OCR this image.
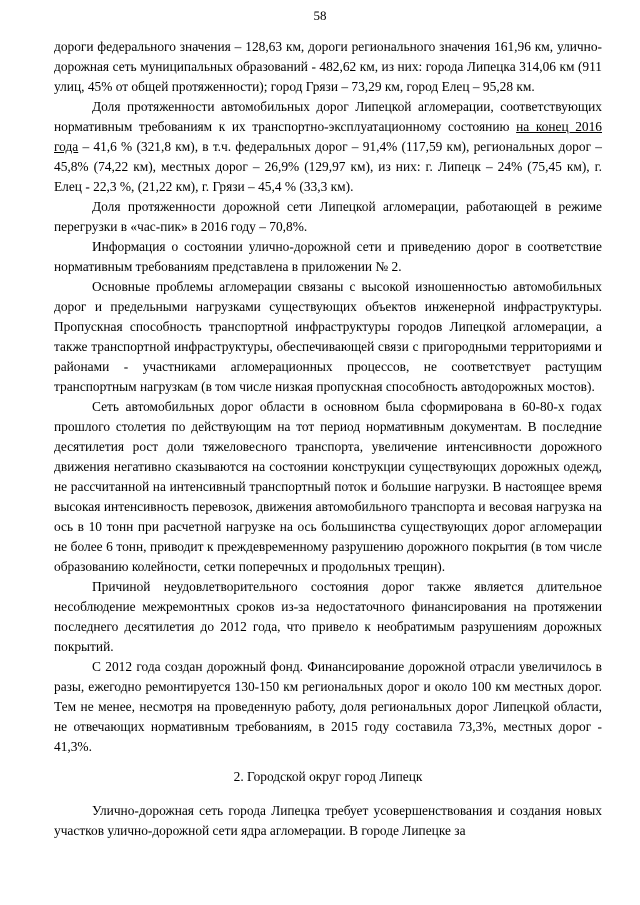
58

дороги федерального значения – 128,63 км, дороги регионального значения 161,96 км, улично-дорожная сеть муниципальных образований - 482,62 км, из них: города Липецка 314,06 км (911 улиц, 45% от общей протяженности); город Грязи – 73,29 км, город Елец – 95,28 км.

Доля протяженности автомобильных дорог Липецкой агломерации, соответствующих нормативным требованиям к их транспортно-эксплуатационному состоянию на конец 2016 года – 41,6 % (321,8 км), в т.ч. федеральных дорог – 91,4% (117,59 км), региональных дорог – 45,8% (74,22 км), местных дорог – 26,9% (129,97 км), из них: г. Липецк – 24% (75,45 км), г. Елец - 22,3 %, (21,22 км), г. Грязи – 45,4 % (33,3 км).

Доля протяженности дорожной сети Липецкой агломерации, работающей в режиме перегрузки в «час-пик» в 2016 году – 70,8%.

Информация о состоянии улично-дорожной сети и приведению дорог в соответствие нормативным требованиям представлена в приложении № 2.

Основные проблемы агломерации связаны с высокой изношенностью автомобильных дорог и предельными нагрузками существующих объектов инженерной инфраструктуры. Пропускная способность транспортной инфраструктуры городов Липецкой агломерации, а также транспортной инфраструктуры, обеспечивающей связи с пригородными территориями и районами - участниками агломерационных процессов, не соответствует растущим транспортным нагрузкам (в том числе низкая пропускная способность автодорожных мостов).

Сеть автомобильных дорог области в основном была сформирована в 60-80-х годах прошлого столетия по действующим на тот период нормативным документам. В последние десятилетия рост доли тяжеловесного транспорта, увеличение интенсивности дорожного движения негативно сказываются на состоянии конструкции существующих дорожных одежд, не рассчитанной на интенсивный транспортный поток и большие нагрузки. В настоящее время высокая интенсивность перевозок, движения автомобильного транспорта и весовая нагрузка на ось в 10 тонн при расчетной нагрузке на ось большинства существующих дорог агломерации не более 6 тонн, приводит к преждевременному разрушению дорожного покрытия (в том числе образованию колейности, сетки поперечных и продольных трещин).

Причиной неудовлетворительного состояния дорог также является длительное несоблюдение межремонтных сроков из-за недостаточного финансирования на протяжении последнего десятилетия до 2012 года, что привело к необратимым разрушениям дорожных покрытий.

С 2012 года создан дорожный фонд. Финансирование дорожной отрасли увеличилось в разы, ежегодно ремонтируется 130-150 км региональных дорог и около 100 км местных дорог. Тем не менее, несмотря на проведенную работу, доля региональных дорог Липецкой области, не отвечающих нормативным требованиям, в 2015 году составила 73,3%, местных дорог - 41,3%.

2. Городской округ город Липецк

Улично-дорожная сеть города Липецка требует усовершенствования и создания новых участков улично-дорожной сети ядра агломерации. В городе Липецке за
